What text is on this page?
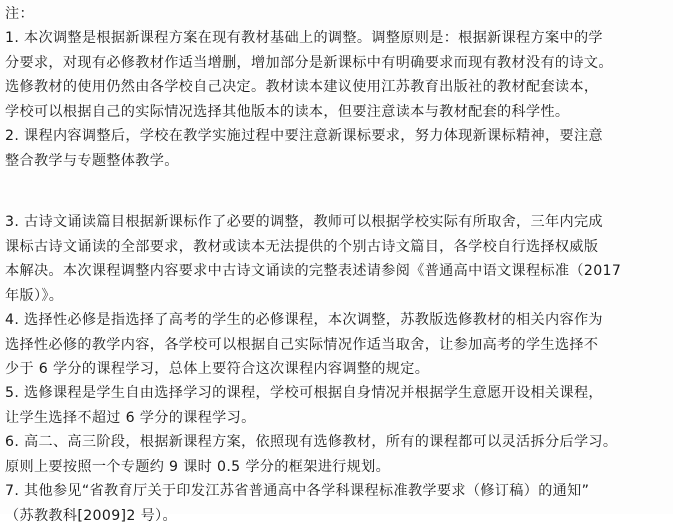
注：

1. 本次调整是根据新课程方案在现有教材基础上的调整。调整原则是：根据新课程方案中的学
分要求，对现有必修教材作适当增删，增加部分是新课标中有明确要求而现有教材没有的诗文。
选修教材的使用仍然由各学校自己决定。教材读本建议使用江苏教育出版社的教材配套读本，
学校可以根据自己的实际情况选择其他版本的读本，但要注意读本与教材配套的科学性。

2. 课程内容调整后，学校在教学实施过程中要注意新课标要求，努力体现新课标精神，要注意
整合教学与专题整体教学。

3. 古诗文诵读篇目根据新课标作了必要的调整，教师可以根据学校实际有所取舍，三年内完成
课标古诗文诵读的全部要求，教材或读本无法提供的个别古诗文篇目，各学校自行选择权威版
本解决。本次课程调整内容要求中古诗文诵读的完整表述请参阅《普通高中语文课程标准（2017
年版）》。

4. 选择性必修是指选择了高考的学生的必修课程，本次调整，苏教版选修教材的相关内容作为
选择性必修的教学内容，各学校可以根据自己实际情况作适当取舍，让参加高考的学生选择不
少于 6 学分的课程学习，总体上要符合这次课程内容调整的规定。

5. 选修课程是学生自由选择学习的课程，学校可根据自身情况并根据学生意愿开设相关课程，
让学生选择不超过 6 学分的课程学习。

6. 高二、高三阶段，根据新课程方案，依照现有选修教材，所有的课程都可以灵活拆分后学习。
原则上要按照一个专题约 9 课时 0.5 学分的框架进行规划。

7. 其他参见“省教育厅关于印发江苏省普通高中各学科课程标准教学要求（修订稿）的通知”
（苏教教科[2009]2 号）。
